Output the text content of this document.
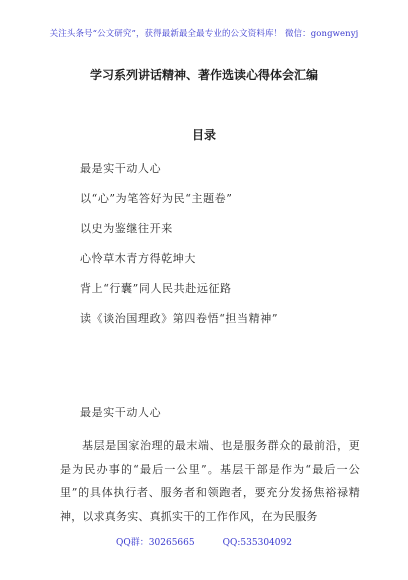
关注头条号“公文研究”，获得最新最全最专业的公文资料库！ 微信：gongwenyj
学习系列讲话精神、著作选读心得体会汇编
目录
最是实干动人心
以“心”为笔答好为民“主题卷”
以史为鉴继往开来
心怜草木青方得乾坤大
背上“行囊”同人民共赴远征路
读《谈治国理政》第四卷悟“担当精神”
最是实干动人心

基层是国家治理的最末端、也是服务群众的最前沿，更是为民办事的“最后一公里”。基层干部是作为“最后一公里”的具体执行者、服务者和领跑者，要充分发扬焦裕禄精神，以求真务实、真抓实干的工作作风，在为民服务

QQ群：30265665	QQ:535304092
